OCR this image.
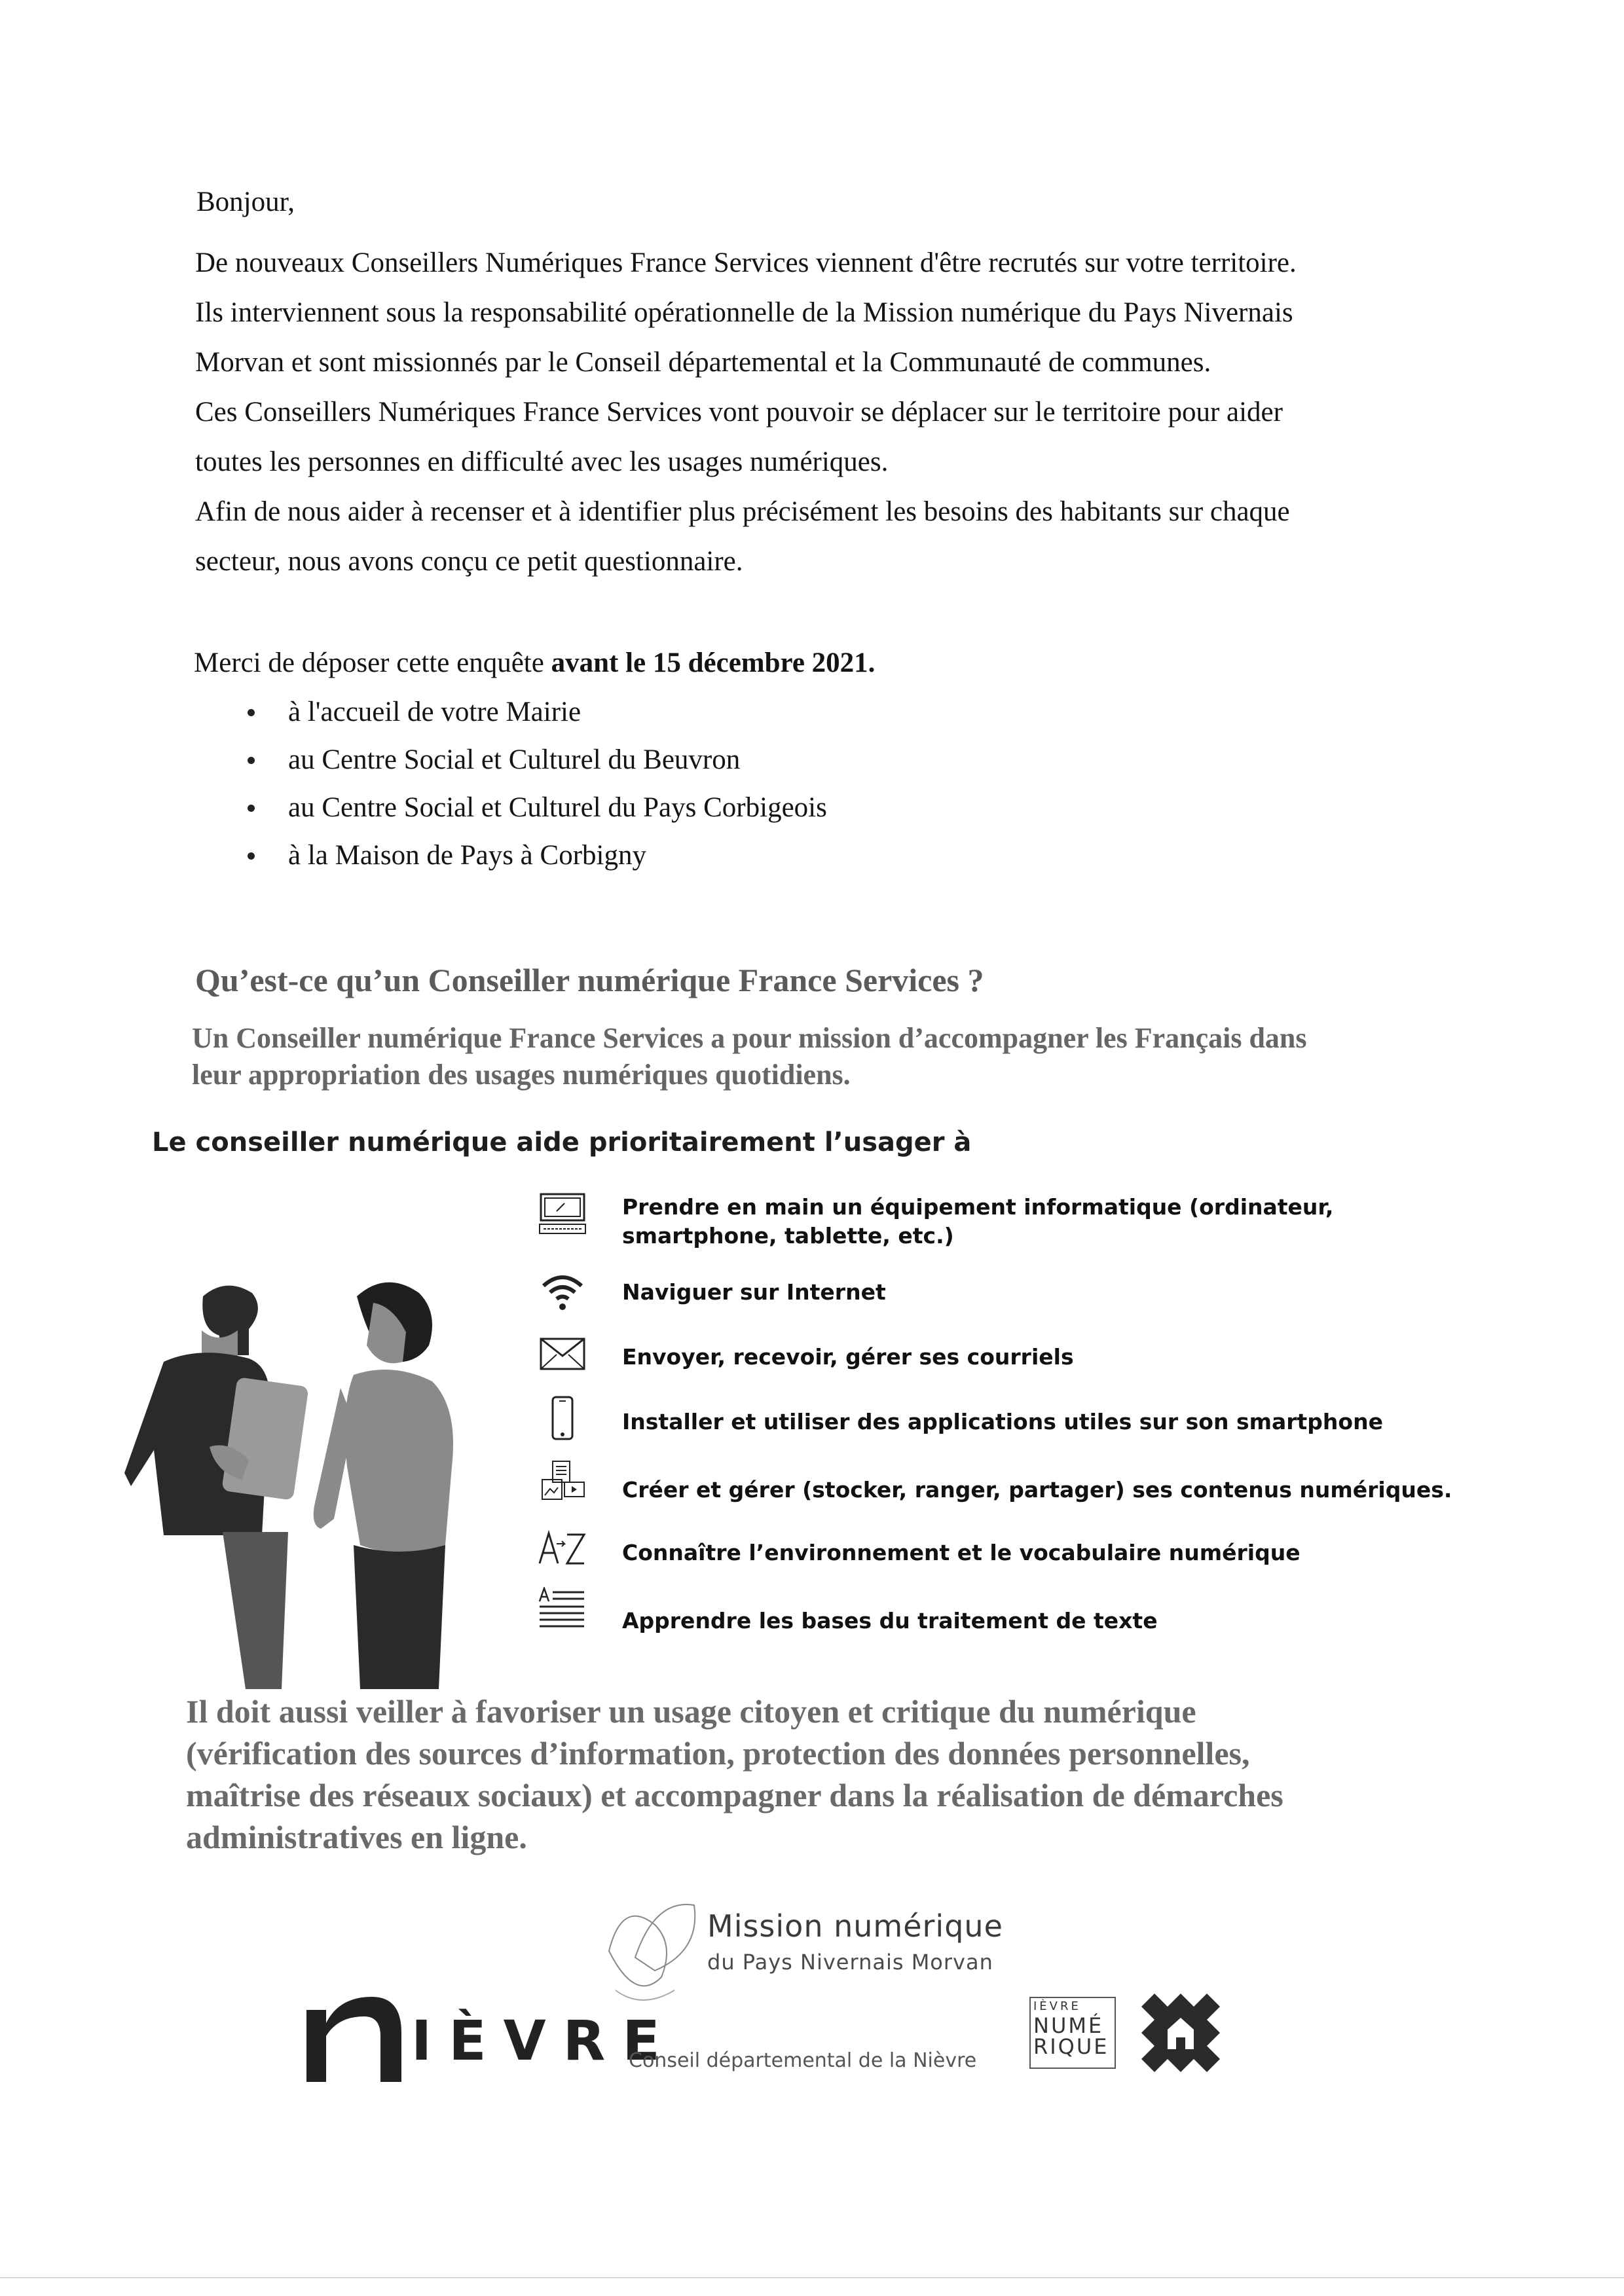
Bonjour,
De nouveaux Conseillers Numériques France Services viennent d'être recrutés sur votre territoire.
Ils interviennent sous la responsabilité opérationnelle de la Mission numérique du Pays Nivernais
Morvan et sont missionnés par le Conseil départemental et la Communauté de communes.
Ces Conseillers Numériques France Services vont pouvoir se déplacer sur le territoire pour aider
toutes les personnes en difficulté avec les usages numériques.
Afin de nous aider à recenser et à identifier plus précisément les besoins des habitants sur chaque
secteur, nous avons conçu ce petit questionnaire.
Merci de déposer cette enquête avant le 15 décembre 2021.
à l'accueil de votre Mairie
au Centre Social et Culturel du Beuvron
au Centre Social et Culturel du Pays Corbigeois
à la Maison de Pays à Corbigny
Qu’est-ce qu’un Conseiller numérique France Services ?
Un Conseiller numérique France Services a pour mission d’accompagner les Français dans
leur appropriation des usages numériques quotidiens.
Le conseiller numérique aide prioritairement l’usager à
Prendre en main un équipement informatique (ordinateur, smartphone, tablette, etc.)
Naviguer sur Internet
Envoyer, recevoir, gérer ses courriels
Installer et utiliser des applications utiles sur son smartphone
Créer et gérer (stocker, ranger, partager) ses contenus numériques.
Connaître l’environnement et le vocabulaire numérique
Apprendre les bases du traitement de texte
Il doit aussi veiller à favoriser un usage citoyen et critique du numérique
(vérification des sources d’information, protection des données personnelles,
maîtrise des réseaux sociaux) et accompagner dans la réalisation de démarches
administratives en ligne.
Mission numérique
du Pays Nivernais Morvan
IÈVRE
Conseil départemental de la Nièvre
IÈVRE
NUMÉ
RIQUE
